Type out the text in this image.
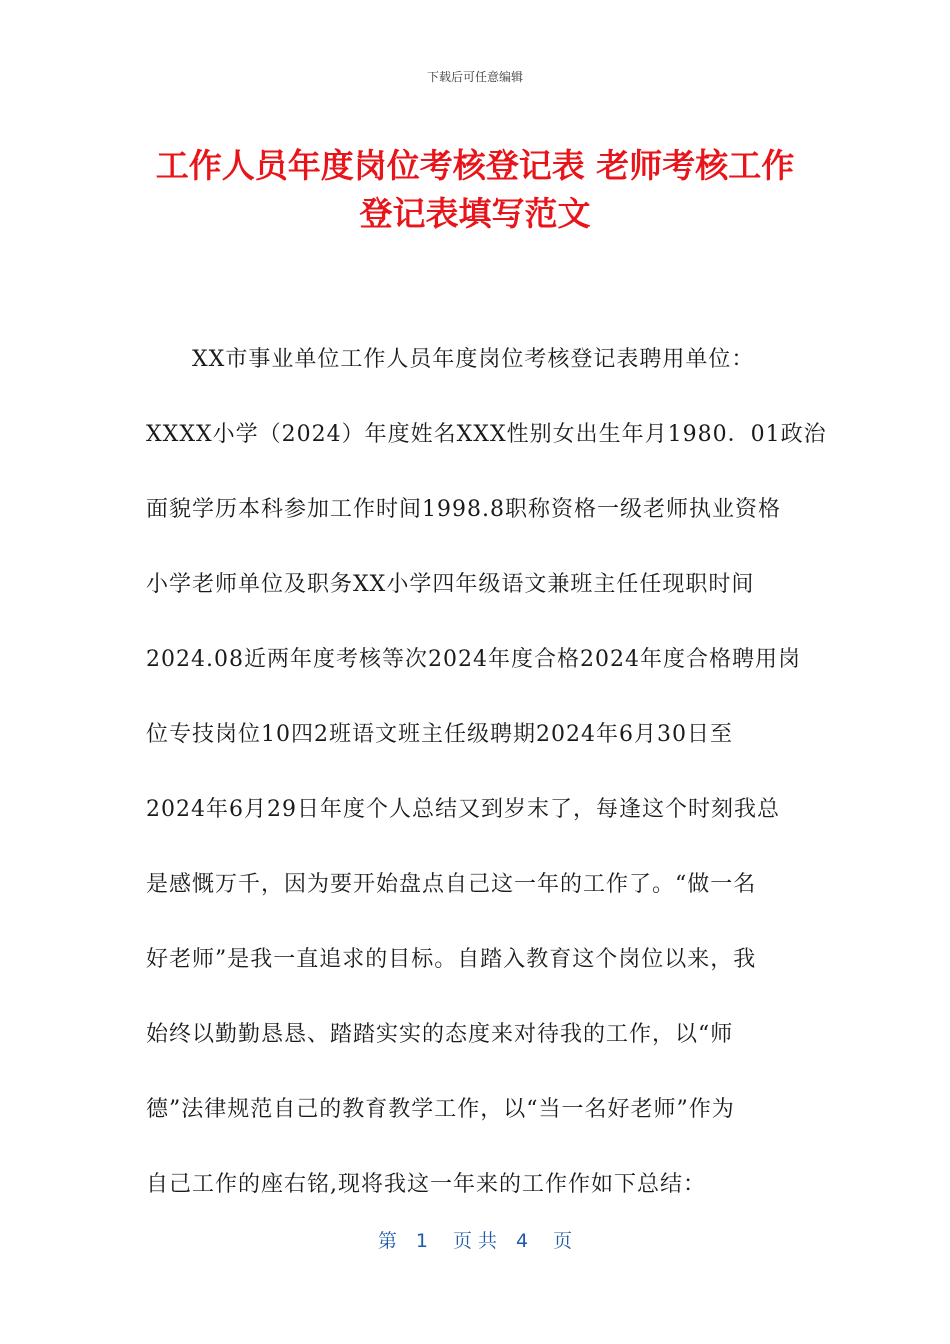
下载后可任意编辑
工作人员年度岗位考核登记表 老师考核工作
登记表填写范文
XX市事业单位工作人员年度岗位考核登记表聘用单位：
XXXX小学（2024）年度姓名XXX性别女出生年月1980．01政治
面貌学历本科参加工作时间1998.8职称资格一级老师执业资格
小学老师单位及职务XX小学四年级语文兼班主任任现职时间
2024.08近两年度考核等次2024年度合格2024年度合格聘用岗
位专技岗位10四2班语文班主任级聘期2024年6月30日至
2024年6月29日年度个人总结又到岁末了，每逢这个时刻我总
是感慨万千，因为要开始盘点自己这一年的工作了。“做一名
好老师”是我一直追求的目标。自踏入教育这个岗位以来，我
始终以勤勤恳恳、踏踏实实的态度来对待我的工作，以“师
德”法律规范自己的教育教学工作，以“当一名好老师”作为
自己工作的座右铭,现将我这一年来的工作作如下总结：
第　1　 页 共　4　 页
